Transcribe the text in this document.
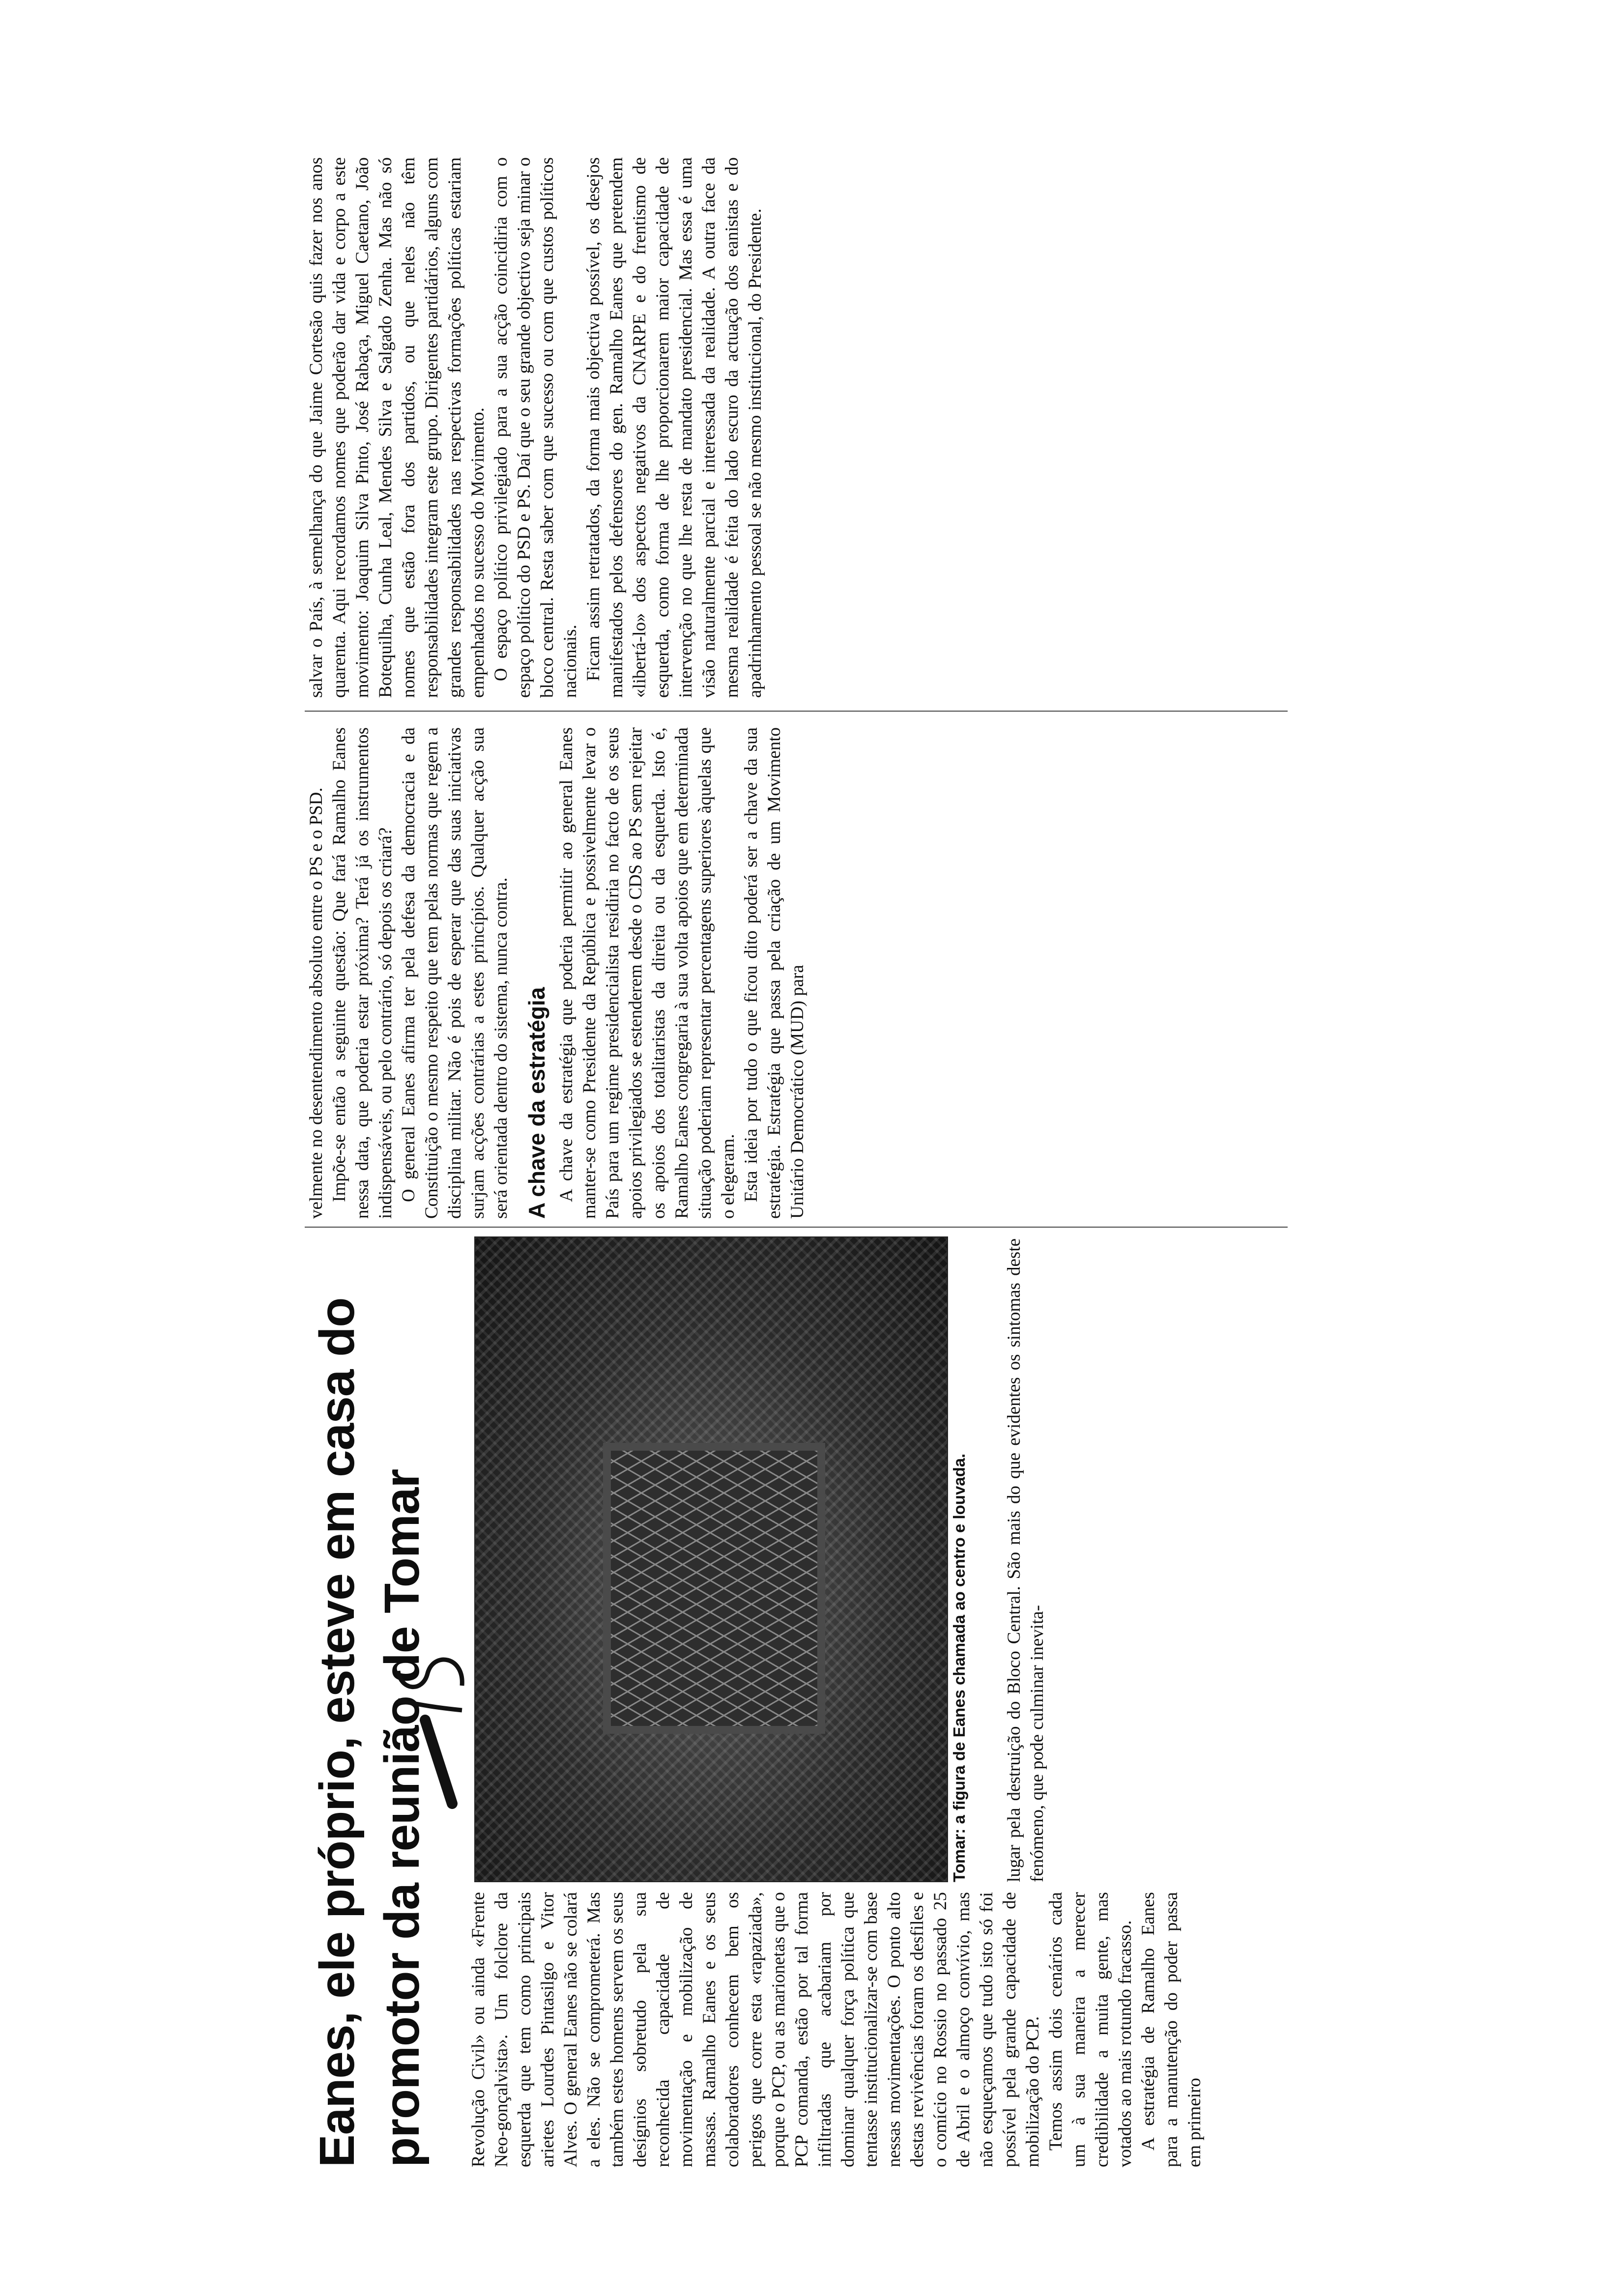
Eanes, ele próprio, esteve em casa do promotor da reunião de Tomar	Revolução Civil» ou ainda «Frente Neo-gonçalvista». Um folclore da esquerda que tem como principais arietes Lourdes Pintasilgo e Vitor Alves. O general Eanes não se colará a eles. Não se comprometerá. Mas também estes homens servem os seus desígnios sobretudo pela sua reconhecida capacidade de movimentação e mobilização de massas. Ramalho Eanes e os seus colaboradores conhecem bem os perigos que corre esta «rapaziada», porque o PCP, ou as marionetas que o PCP comanda, estão por tal forma infiltradas que acabariam por dominar qualquer força política que tentasse institucionalizar-se com base nessas movimentações. O ponto alto destas revivências foram os desfiles e o comício no Rossio no passado 25 de Abril e o almoço convívio, mas não esqueçamos que tudo isto só foi possível pela grande capacidade de mobilização do PCP. Temos assim dois cenários cada um à sua maneira a merecer credibilidade a muita gente, mas votados ao mais rotundo fracasso. A estratégia de Ramalho Eanes para a manutenção do poder passa em primeiro

Tomar: a figura de Eanes chamada ao centro e louvada. lugar pela destruição do Bloco Central. São mais do que evidentes os sintomas deste fenómeno, que pode culminar inevita-

velmente no desentendimento absoluto entre o PS e o PSD. Impõe-se então a seguinte questão: Que fará Ramalho Eanes nessa data, que poderia estar próxima? Terá já os instrumentos indispensáveis, ou pelo contrário, só depois os criará? O general Eanes afirma ter pela defesa da democracia e da Constituição o mesmo respeito que tem pelas normas que regem a disciplina militar. Não é pois de esperar que das suas iniciativas surjam acções contrárias a estes princípios. Qualquer acção sua será orientada dentro do sistema, nunca contra. A chave da estratégia A chave da estratégia que poderia permitir ao general Eanes manter-se como Presidente da República e possivelmente levar o País para um regime presidencialista residiria no facto de os seus apoios privilegiados se estenderem desde o CDS ao PS sem rejeitar os apoios dos totalitaristas da direita ou da esquerda. Isto é, Ramalho Eanes congregaria à sua volta apoios que em determinada situação poderiam representar percentagens superiores àquelas que o elegeram. Esta ideia por tudo o que ficou dito poderá ser a chave da sua estratégia. Estratégia que passa pela criação de um Movimento Unitário Democrático (MUD) para

salvar o País, à semelhança do que Jaime Cortesão quis fazer nos anos quarenta. Aqui recordamos nomes que poderão dar vida e corpo a este movimento: Joaquim Silva Pinto, José Rabaça, Miguel Caetano, João Botequilha, Cunha Leal, Mendes Silva e Salgado Zenha. Mas não só nomes que estão fora dos partidos, ou que neles não têm responsabilidades integram este grupo. Dirigentes partidários, alguns com grandes responsabilidades nas respectivas formações políticas estariam empenhados no sucesso do Movimento. O espaço político privilegiado para a sua acção coincidiria com o espaço político do PSD e PS. Daí que o seu grande objectivo seja minar o bloco central. Resta saber com que sucesso ou com que custos políticos nacionais. Ficam assim retratados, da forma mais objectiva possível, os desejos manifestados pelos defensores do gen. Ramalho Eanes que pretendem «libertá-lo» dos aspectos negativos da CNARPE e do frentismo de esquerda, como forma de lhe proporcionarem maior capacidade de intervenção no que lhe resta de mandato presidencial. Mas essa é uma visão naturalmente parcial e interessada da realidade. A outra face da mesma realidade é feita do lado escuro da actuação dos eanistas e do apadrinhamento pessoal se não mesmo institucional, do Presidente.
